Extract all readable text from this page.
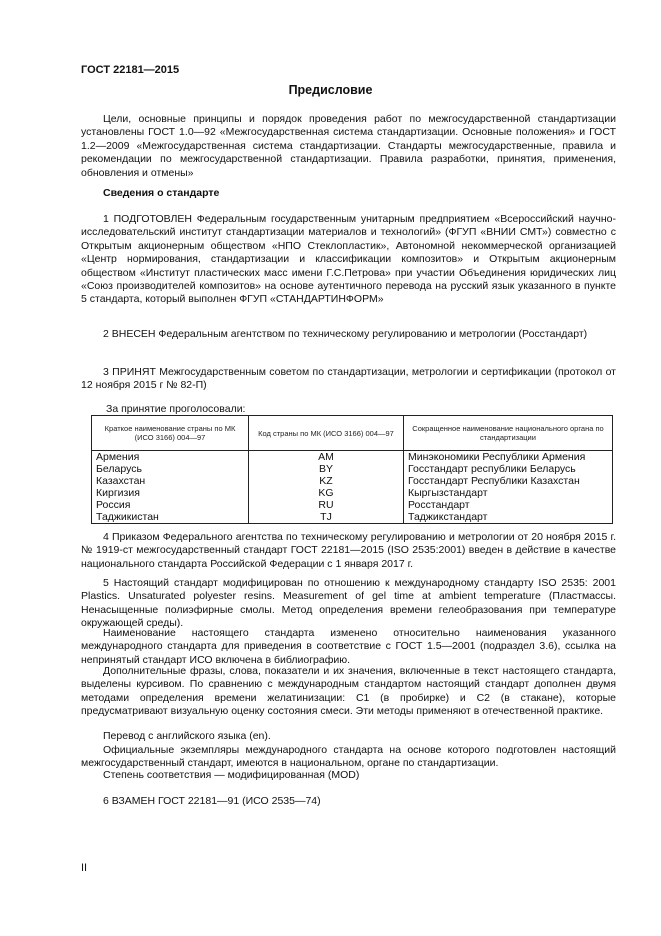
ГОСТ 22181—2015
Предисловие
Цели, основные принципы и порядок проведения работ по межгосударственной стандартизации установлены ГОСТ 1.0—92 «Межгосударственная система стандартизации. Основные положения» и ГОСТ 1.2—2009 «Межгосударственная система стандартизации. Стандарты межгосударственные, правила и рекомендации по межгосударственной стандартизации. Правила разработки, принятия, применения, обновления и отмены»
Сведения о стандарте
1 ПОДГОТОВЛЕН Федеральным государственным унитарным предприятием «Всероссийский научно-исследовательский институт стандартизации материалов и технологий» (ФГУП «ВНИИ СМТ») совместно с Открытым акционерным обществом «НПО Стеклопластик», Автономной некоммерческой организацией «Центр нормирования, стандартизации и классификации композитов» и Открытым акционерным обществом «Институт пластических масс имени Г.С.Петрова» при участии Объединения юридических лиц «Союз производителей композитов» на основе аутентичного перевода на русский язык указанного в пункте 5 стандарта, который выполнен ФГУП «СТАНДАРТИНФОРМ»
2 ВНЕСЕН Федеральным агентством по техническому регулированию и метрологии (Росстандарт)
3 ПРИНЯТ Межгосударственным советом по стандартизации, метрологии и сертификации (протокол от 12 ноября 2015 г № 82-П)
За принятие проголосовали:
Краткое наименование страны по МК (ИСО 3166) 004—97	Код страны по МК (ИСО 3166) 004—97	Сокращенное наименование национального органа по стандартизации
Армения	AM	Минэкономики Республики Армения
Беларусь	BY	Госстандарт республики Беларусь
Казахстан	KZ	Госстандарт Республики Казахстан
Киргизия	KG	Кыргызстандарт
Россия	RU	Росстандарт
Таджикистан	TJ	Таджикстандарт
4 Приказом Федерального агентства по техническому регулированию и метрологии от 20 ноября 2015 г. № 1919-ст межгосударственный стандарт ГОСТ 22181—2015 (ISO 2535:2001) введен в действие в качестве национального стандарта Российской Федерации с 1 января 2017 г.
5 Настоящий стандарт модифицирован по отношению к международному стандарту ISO 2535: 2001 Plastics. Unsaturated polyester resins. Measurement of gel time at ambient temperature (Пластмассы. Ненасыщенные полиэфирные смолы. Метод определения времени гелеобразования при температуре окружающей среды).
Наименование настоящего стандарта изменено относительно наименования указанного международного стандарта для приведения в соответствие с ГОСТ 1.5—2001 (подраздел 3.6), ссылка на непринятый стандарт ИСО включена в библиографию.
Дополнительные фразы, слова, показатели и их значения, включенные в текст настоящего стандарта, выделены курсивом. По сравнению с международным стандартом настоящий стандарт дополнен двумя методами определения времени желатинизации: С1 (в пробирке) и С2 (в стакане), которые предусматривают визуальную оценку состояния смеси. Эти методы применяют в отечественной практике.
Перевод с английского языка (en).
Официальные экземпляры международного стандарта на основе которого подготовлен настоящий межгосударственный стандарт, имеются в национальном, органе по стандартизации.
Степень соответствия — модифицированная (MOD)
6 ВЗАМЕН ГОСТ 22181—91 (ИСО 2535—74)
II
